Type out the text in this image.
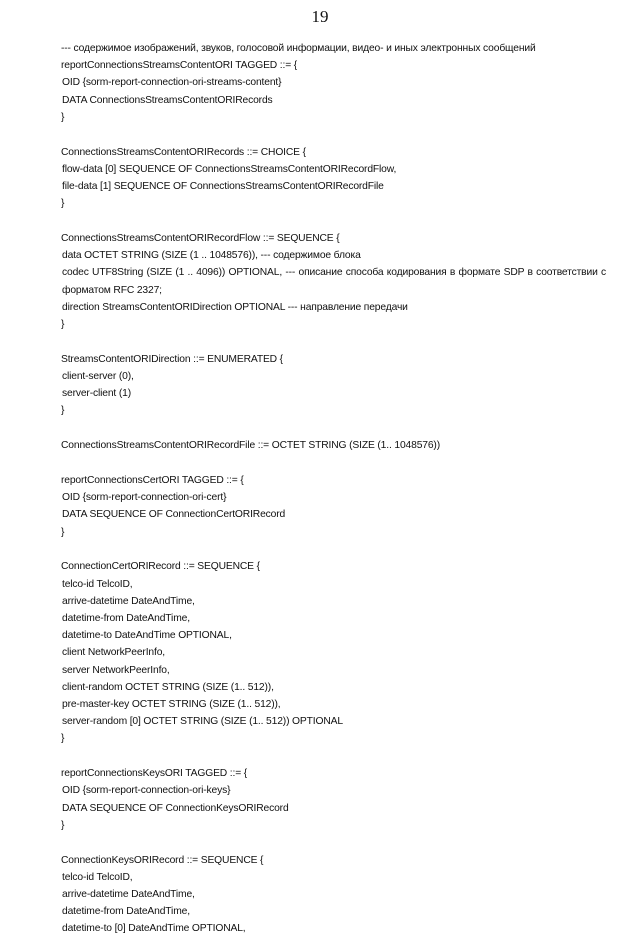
19
--- содержимое изображений, звуков, голосовой информации, видео- и иных электронных сообщений
reportConnectionsStreamsContentORI TAGGED ::= {
OID {sorm-report-connection-ori-streams-content}
DATA ConnectionsStreamsContentORIRecords
}
ConnectionsStreamsContentORIRecords ::= CHOICE {
flow-data [0] SEQUENCE OF ConnectionsStreamsContentORIRecordFlow,
file-data [1] SEQUENCE OF ConnectionsStreamsContentORIRecordFile
}
ConnectionsStreamsContentORIRecordFlow ::= SEQUENCE {
data OCTET STRING (SIZE (1 .. 1048576)), --- содержимое блока
codec UTF8String (SIZE (1 .. 4096)) OPTIONAL, --- описание способа кодирования в формате SDP в соответствии с форматом RFC 2327;
direction StreamsContentORIDirection OPTIONAL --- направление передачи
}
StreamsContentORIDirection ::= ENUMERATED {
client-server (0),
server-client (1)
}
ConnectionsStreamsContentORIRecordFile ::= OCTET STRING (SIZE (1.. 1048576))
reportConnectionsCertORI TAGGED ::= {
OID {sorm-report-connection-ori-cert}
DATA SEQUENCE OF ConnectionCertORIRecord
}
ConnectionCertORIRecord ::= SEQUENCE {
telco-id TelcoID,
arrive-datetime DateAndTime,
datetime-from DateAndTime,
datetime-to DateAndTime OPTIONAL,
client NetworkPeerInfo,
server NetworkPeerInfo,
client-random OCTET STRING (SIZE (1.. 512)),
pre-master-key OCTET STRING (SIZE (1.. 512)),
server-random [0] OCTET STRING (SIZE (1.. 512)) OPTIONAL
}
reportConnectionsKeysORI TAGGED ::= {
OID {sorm-report-connection-ori-keys}
DATA SEQUENCE OF ConnectionKeysORIRecord
}
ConnectionKeysORIRecord ::= SEQUENCE {
telco-id TelcoID,
arrive-datetime DateAndTime,
datetime-from DateAndTime,
datetime-to [0] DateAndTime OPTIONAL,
